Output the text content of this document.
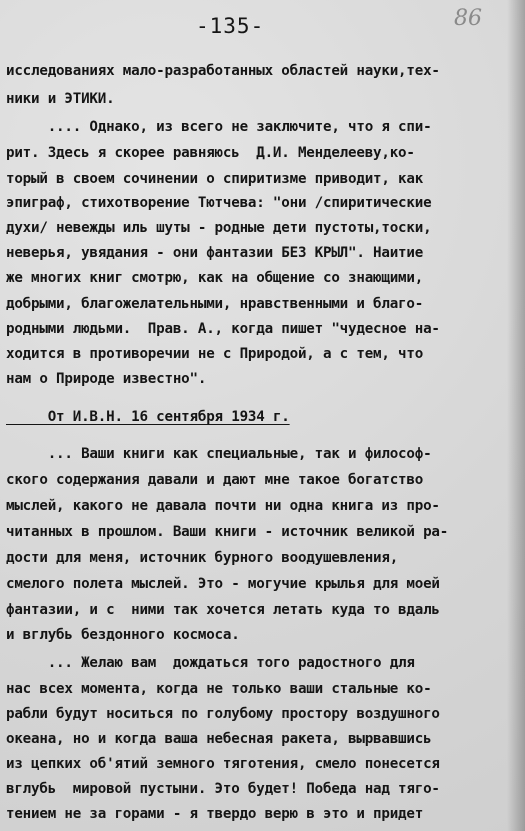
-135-	86
исследованиях мало-разработанных областей науки,тех-
ники и ЭТИКИ.
.... Однако, из всего не заключите, что я спи-
рит. Здесь я скорее равняюсь  Д.И. Менделееву,ко-
торый в своем сочинении о спиритизме приводит, как
эпиграф, стихотворение Тютчева: "они /спиритические
духи/ невежды иль шуты - родные дети пустоты,тоски,
неверья, увядания - они фантазии БЕЗ КРЫЛ". Наитие
же многих книг смотрю, как на общение со знающими,
добрыми, благожелательными, нравственными и благо-
родными людьми.  Прав. А., когда пишет "чудесное на-
ходится в противоречии не с Природой, а с тем, что
нам о Природе известно".
От И.В.Н. 16 сентября 1934 г.
... Ваши книги как специальные, так и философ-
ского содержания давали и дают мне такое богатство
мыслей, какого не давала почти ни одна книга из про-
читанных в прошлом. Ваши книги - источник великой ра-
дости для меня, источник бурного воодушевления,
смелого полета мыслей. Это - могучие крылья для моей
фантазии, и с  ними так хочется летать куда то вдаль
и вглубь бездонного космоса.
... Желаю вам  дождаться того радостного для
нас всех момента, когда не только ваши стальные ко-
рабли будут носиться по голубому простору воздушного
океана, но и когда ваша небесная ракета, вырвавшись
из цепких об'ятий земного тяготения, смело понесется
вглубь  мировой пустыни. Это будет! Победа над тяго-
тением не за горами - я твердо верю в это и придет
